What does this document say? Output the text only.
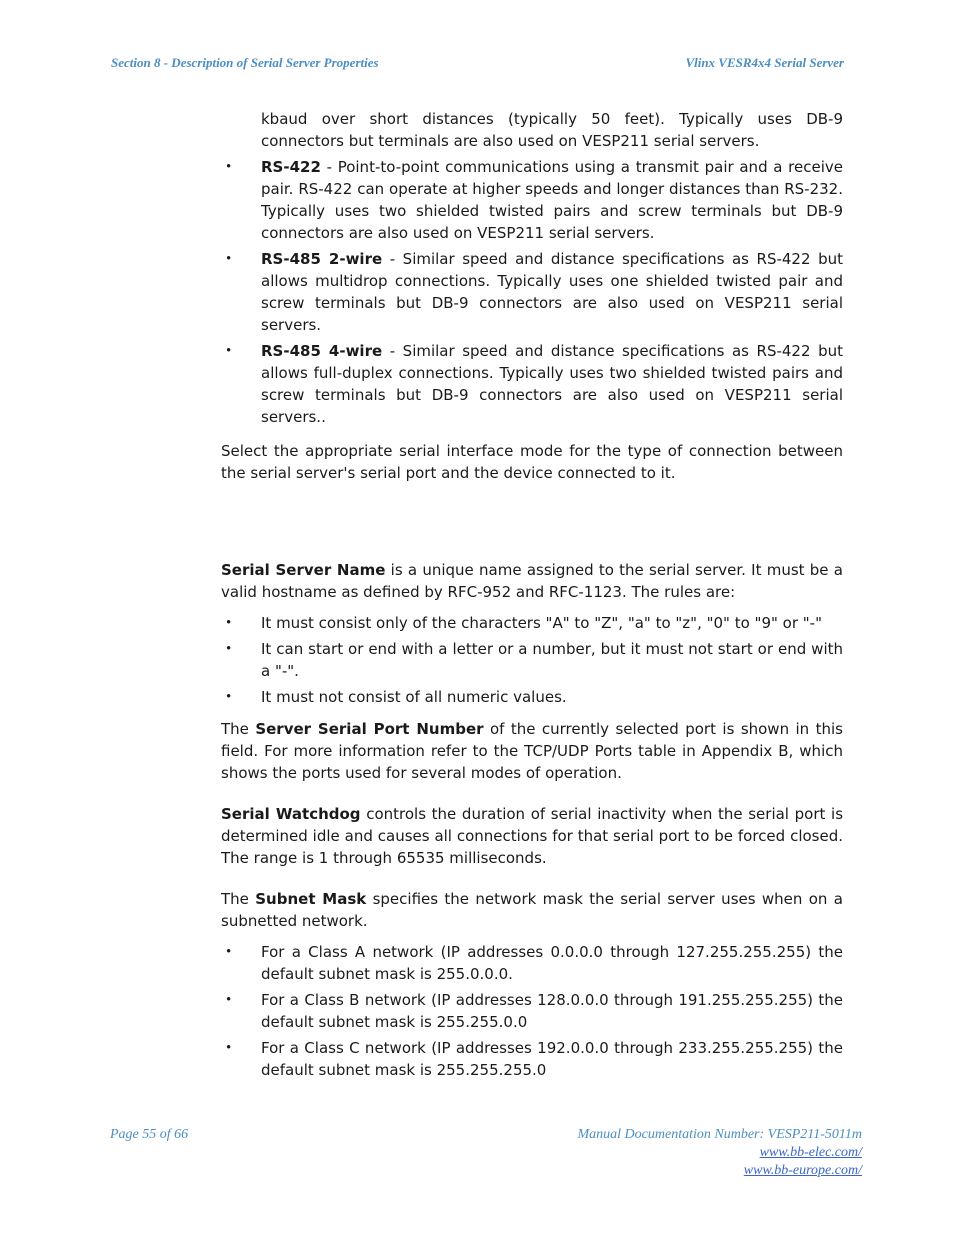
Section 8 - Description of Serial Server Properties	Vlinx VESR4x4 Serial Server

kbaud over short distances (typically 50 feet). Typically uses DB-9 connectors but terminals are also used on VESP211 serial servers.

• RS-422 - Point-to-point communications using a transmit pair and a receive pair. RS-422 can operate at higher speeds and longer distances than RS-232. Typically uses two shielded twisted pairs and screw terminals but DB-9 connectors are also used on VESP211 serial servers.
• RS-485 2-wire - Similar speed and distance specifications as RS-422 but allows multidrop connections. Typically uses one shielded twisted pair and screw terminals but DB-9 connectors are also used on VESP211 serial servers.
• RS-485 4-wire - Similar speed and distance specifications as RS-422 but allows full-duplex connections. Typically uses two shielded twisted pairs and screw terminals but DB-9 connectors are also used on VESP211 serial servers..

Select the appropriate serial interface mode for the type of connection between the serial server's serial port and the device connected to it.

Serial Server Name is a unique name assigned to the serial server. It must be a valid hostname as defined by RFC-952 and RFC-1123. The rules are:

• It must consist only of the characters "A" to "Z", "a" to "z", "0" to "9" or "-"
• It can start or end with a letter or a number, but it must not start or end with a "-".
• It must not consist of all numeric values.

The Server Serial Port Number of the currently selected port is shown in this field. For more information refer to the TCP/UDP Ports table in Appendix B, which shows the ports used for several modes of operation.

Serial Watchdog controls the duration of serial inactivity when the serial port is determined idle and causes all connections for that serial port to be forced closed. The range is 1 through 65535 milliseconds.

The Subnet Mask specifies the network mask the serial server uses when on a subnetted network.

• For a Class A network (IP addresses 0.0.0.0 through 127.255.255.255) the default subnet mask is 255.0.0.0.
• For a Class B network (IP addresses 128.0.0.0 through 191.255.255.255) the default subnet mask is 255.255.0.0
• For a Class C network (IP addresses 192.0.0.0 through 233.255.255.255) the default subnet mask is 255.255.255.0
Page 55 of 66	Manual Documentation Number: VESP211-5011m
www.bb-elec.com/
www.bb-europe.com/
